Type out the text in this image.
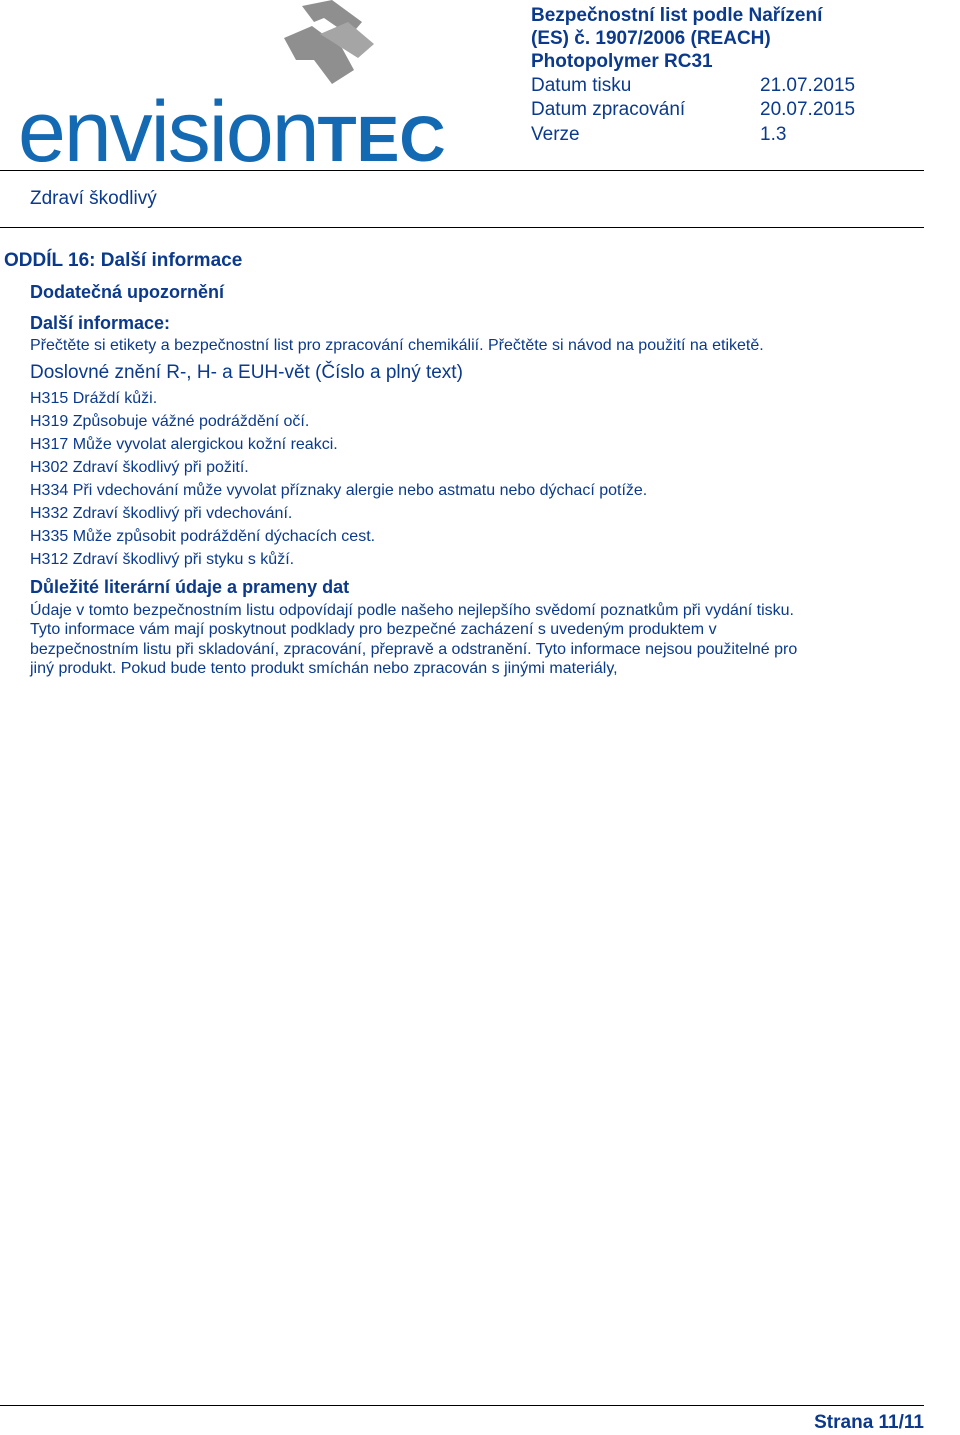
envisionTEC
Bezpečnostní list podle Nařízení
(ES) č. 1907/2006 (REACH)
Photopolymer RC31
Datum tisku	21.07.2015
Datum zpracování	20.07.2015
Verze	1.3
Zdraví škodlivý
ODDÍL 16: Další informace
Dodatečná upozornění
Další informace:
Přečtěte si etikety a bezpečnostní list pro zpracování chemikálií. Přečtěte si návod na použití na etiketě.
Doslovné znění R-, H- a EUH-vět (Číslo a plný text)
H315 Dráždí kůži.
H319 Způsobuje vážné podráždění očí.
H317 Může vyvolat alergickou kožní reakci.
H302 Zdraví škodlivý při požití.
H334 Při vdechování může vyvolat příznaky alergie nebo astmatu nebo dýchací potíže.
H332 Zdraví škodlivý při vdechování.
H335 Může způsobit podráždění dýchacích cest.
H312 Zdraví škodlivý při styku s kůží.
Důležité literární údaje a prameny dat
Údaje v tomto bezpečnostním listu odpovídají podle našeho nejlepšího svědomí poznatkům při vydání tisku.
Tyto informace vám mají poskytnout podklady pro bezpečné zacházení s uvedeným produktem v
bezpečnostním listu při skladování, zpracování, přepravě a odstranění. Tyto informace nejsou použitelné pro
jiný produkt. Pokud bude tento produkt smíchán nebo zpracován s jinými materiály,
Strana 11/11
